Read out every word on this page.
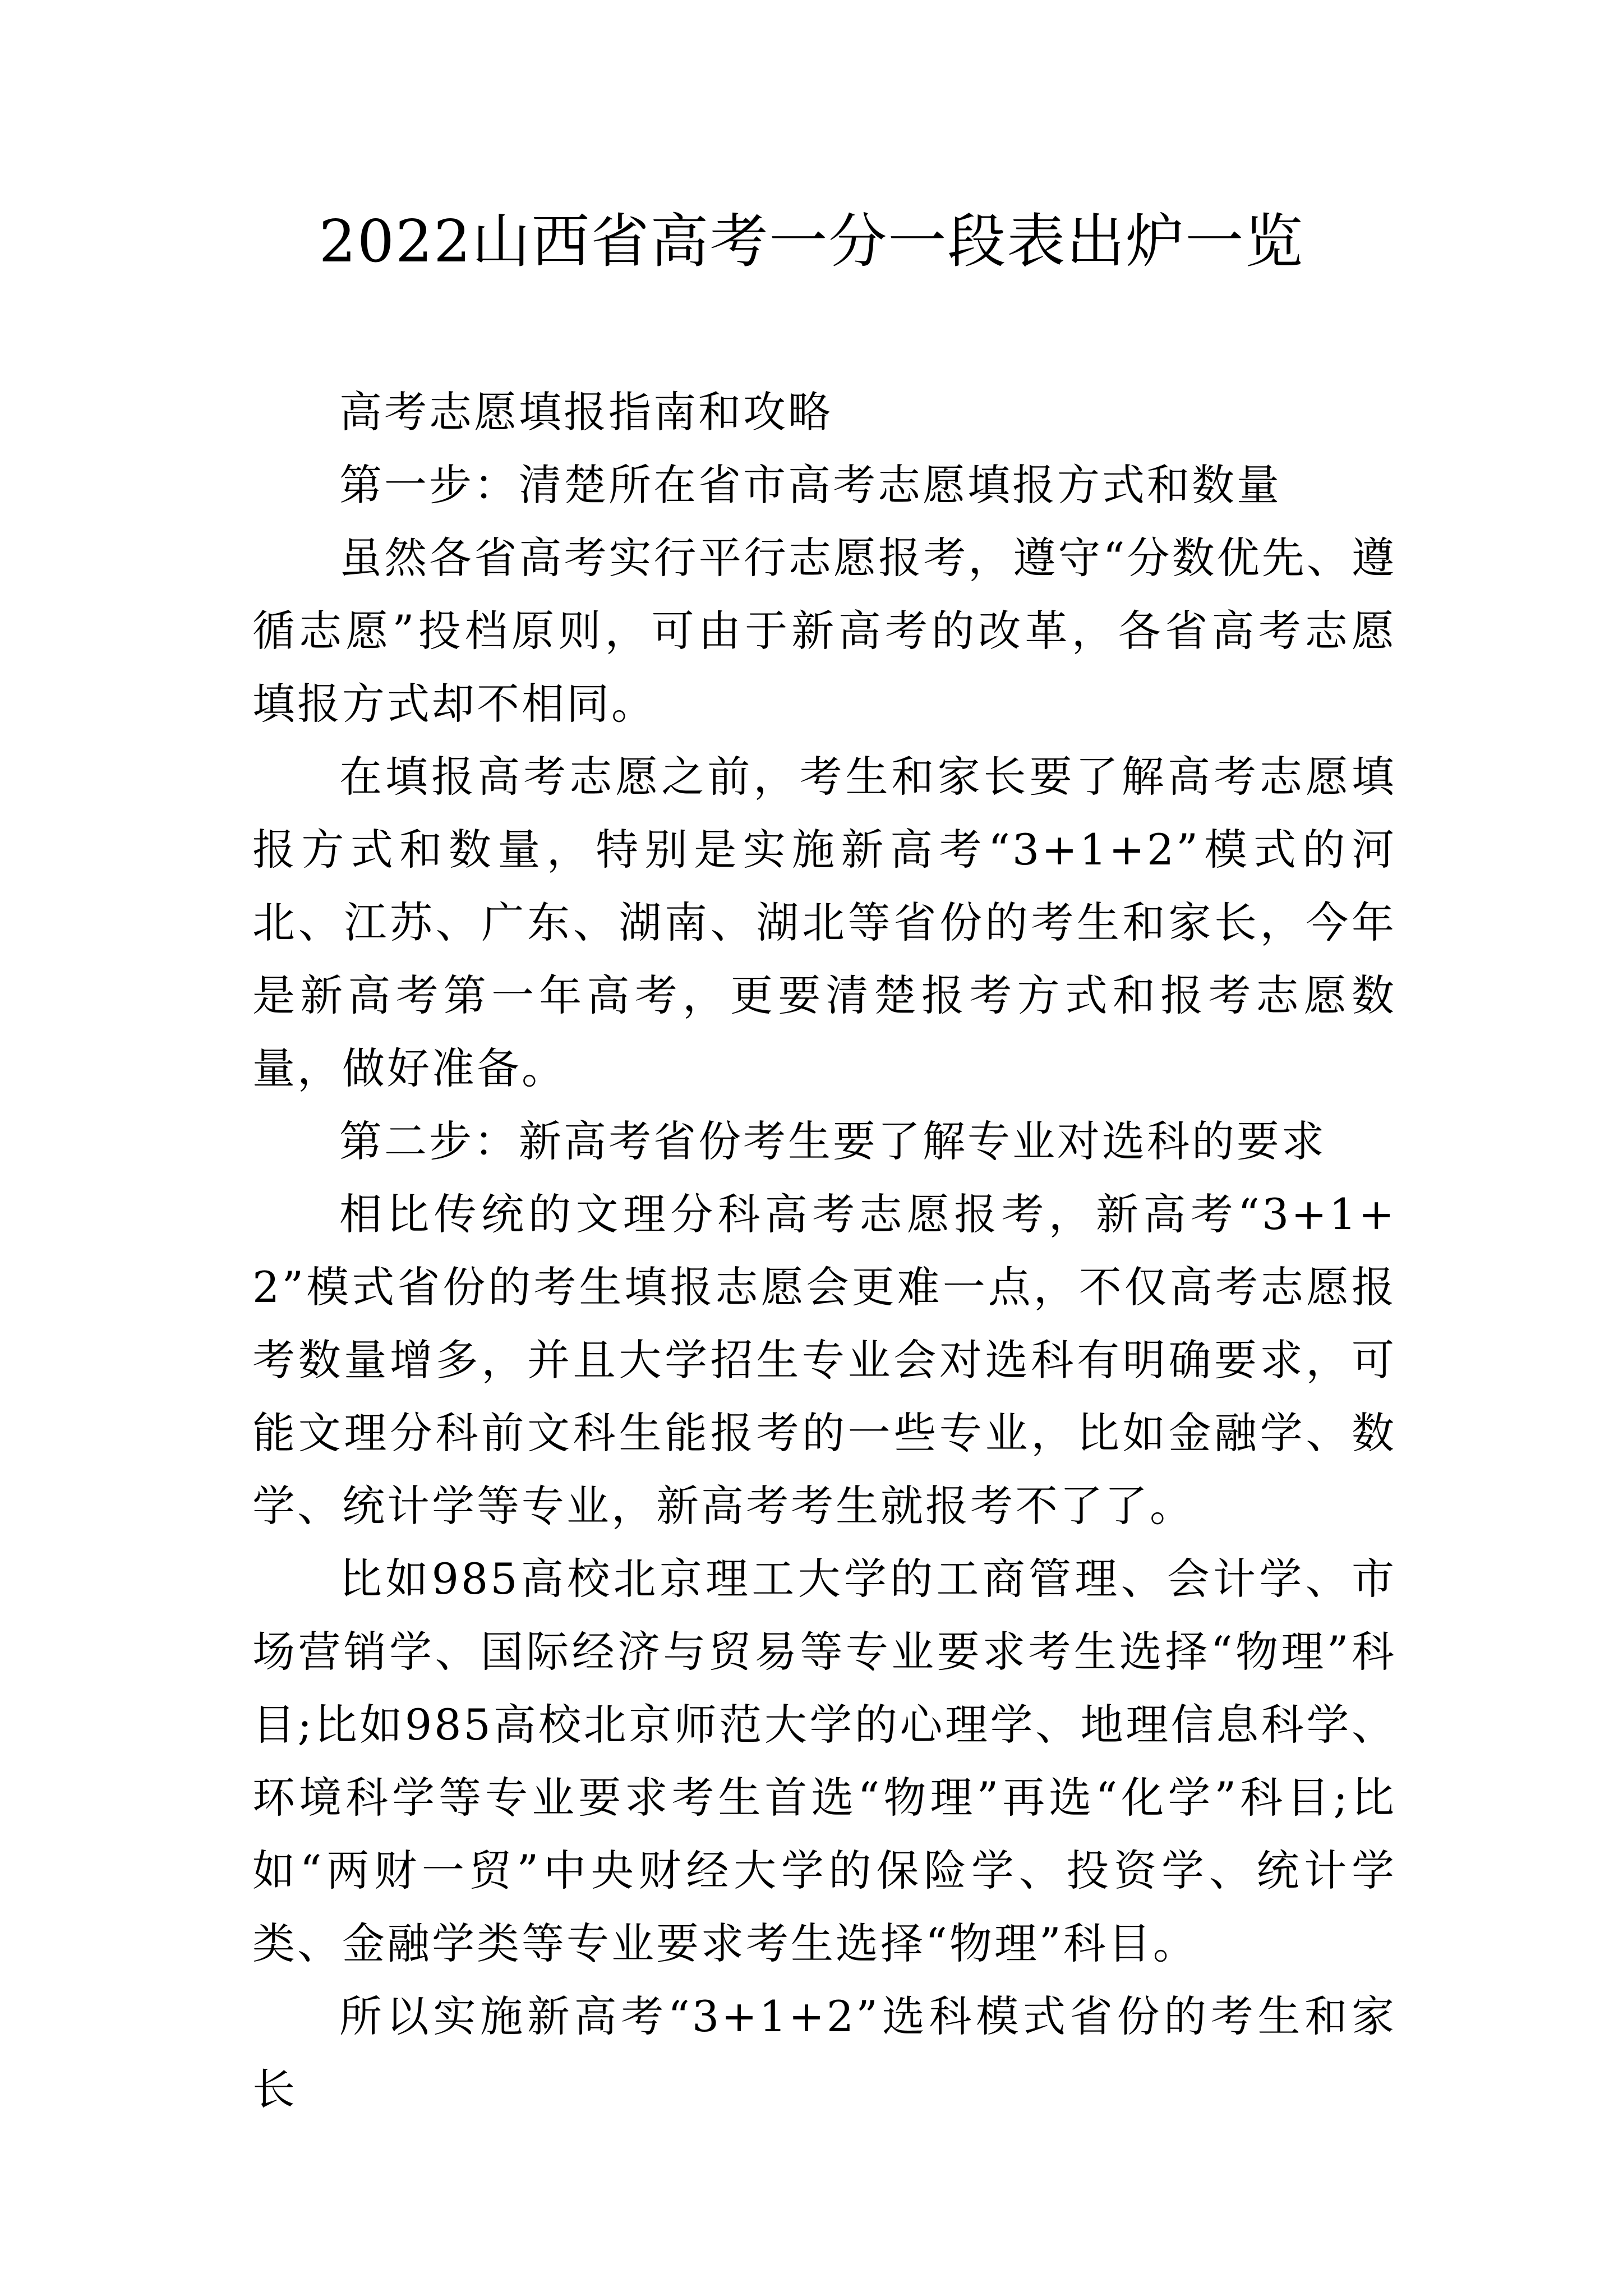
2022山西省高考一分一段表出炉一览

高考志愿填报指南和攻略

第一步：清楚所在省市高考志愿填报方式和数量

虽然各省高考实行平行志愿报考，遵守“分数优先、遵循志愿”投档原则，可由于新高考的改革，各省高考志愿填报方式却不相同。

在填报高考志愿之前，考生和家长要了解高考志愿填报方式和数量，特别是实施新高考“3+1+2”模式的河北、江苏、广东、湖南、湖北等省份的考生和家长，今年是新高考第一年高考，更要清楚报考方式和报考志愿数量，做好准备。

第二步：新高考省份考生要了解专业对选科的要求

相比传统的文理分科高考志愿报考，新高考“3+1+2”模式省份的考生填报志愿会更难一点，不仅高考志愿报考数量增多，并且大学招生专业会对选科有明确要求，可能文理分科前文科生能报考的一些专业，比如金融学、数学、统计学等专业，新高考考生就报考不了了。

比如985高校北京理工大学的工商管理、会计学、市场营销学、国际经济与贸易等专业要求考生选择“物理”科目;比如985高校北京师范大学的心理学、地理信息科学、环境科学等专业要求考生首选“物理”再选“化学”科目;比如“两财一贸”中央财经大学的保险学、投资学、统计学类、金融学类等专业要求考生选择“物理”科目。

所以实施新高考“3+1+2”选科模式省份的考生和家长
